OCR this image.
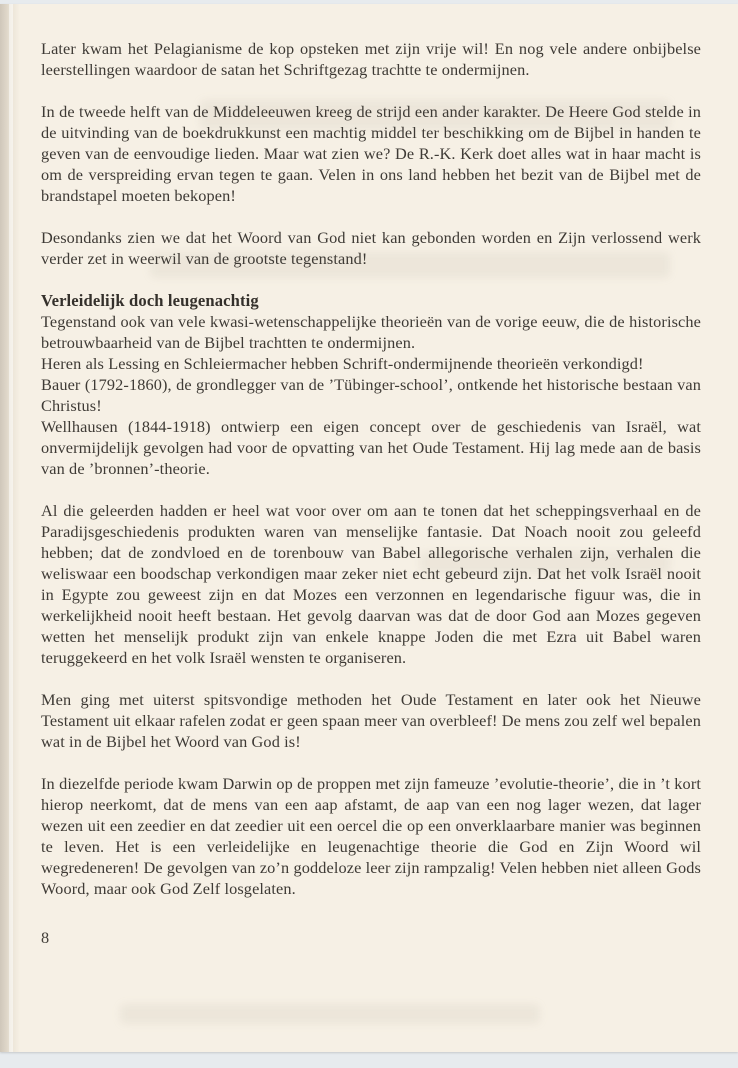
Later kwam het Pelagianisme de kop opsteken met zijn vrije wil! En nog vele andere onbijbelse leerstellingen waardoor de satan het Schriftgezag trachtte te ondermijnen.

In de tweede helft van de Middeleeuwen kreeg de strijd een ander karakter. De Heere God stelde in de uitvinding van de boekdrukkunst een machtig middel ter beschikking om de Bijbel in handen te geven van de eenvoudige lieden. Maar wat zien we? De R.-K. Kerk doet alles wat in haar macht is om de verspreiding ervan tegen te gaan. Velen in ons land hebben het bezit van de Bijbel met de brandstapel moeten bekopen!

Desondanks zien we dat het Woord van God niet kan gebonden worden en Zijn verlossend werk verder zet in weerwil van de grootste tegenstand!

Verleidelijk doch leugenachtig

Tegenstand ook van vele kwasi-wetenschappelijke theorieën van de vorige eeuw, die de historische betrouwbaarheid van de Bijbel trachtten te ondermijnen.

Heren als Lessing en Schleiermacher hebben Schrift-ondermijnende theorieën verkondigd!

Bauer (1792-1860), de grondlegger van de ’Tübinger-school’, ontkende het historische bestaan van Christus!

Wellhausen (1844-1918) ontwierp een eigen concept over de geschiedenis van Israël, wat onvermijdelijk gevolgen had voor de opvatting van het Oude Testament. Hij lag mede aan de basis van de ’bronnen’-theorie.

Al die geleerden hadden er heel wat voor over om aan te tonen dat het scheppingsverhaal en de Paradijsgeschiedenis produkten waren van menselijke fantasie. Dat Noach nooit zou geleefd hebben; dat de zondvloed en de torenbouw van Babel allegorische verhalen zijn, verhalen die weliswaar een boodschap verkondigen maar zeker niet echt gebeurd zijn. Dat het volk Israël nooit in Egypte zou geweest zijn en dat Mozes een verzonnen en legendarische figuur was, die in werkelijkheid nooit heeft bestaan. Het gevolg daarvan was dat de door God aan Mozes gegeven wetten het menselijk produkt zijn van enkele knappe Joden die met Ezra uit Babel waren teruggekeerd en het volk Israël wensten te organiseren.

Men ging met uiterst spitsvondige methoden het Oude Testament en later ook het Nieuwe Testament uit elkaar rafelen zodat er geen spaan meer van overbleef! De mens zou zelf wel bepalen wat in de Bijbel het Woord van God is!

In diezelfde periode kwam Darwin op de proppen met zijn fameuze ’evolutie-theorie’, die in ’t kort hierop neerkomt, dat de mens van een aap afstamt, de aap van een nog lager wezen, dat lager wezen uit een zeedier en dat zeedier uit een oercel die op een onverklaarbare manier was beginnen te leven. Het is een verleidelijke en leugenachtige theorie die God en Zijn Woord wil wegredeneren! De gevolgen van zo’n goddeloze leer zijn rampzalig! Velen hebben niet alleen Gods Woord, maar ook God Zelf losgelaten.

8
